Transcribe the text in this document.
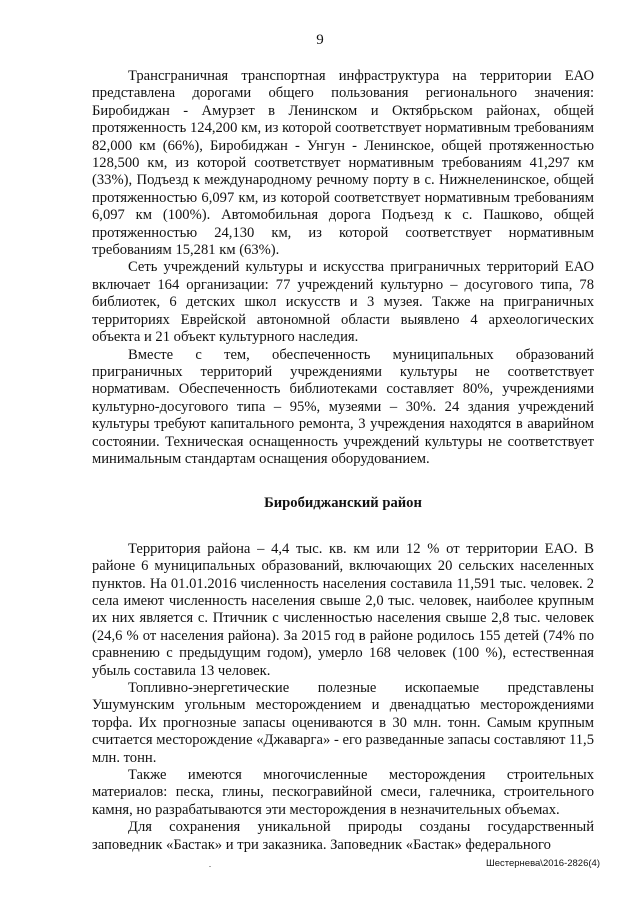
9

Трансграничная транспортная инфраструктура на территории ЕАО представлена дорогами общего пользования регионального значения: Биробиджан - Амурзет в Ленинском и Октябрьском районах, общей протяженность 124,200 км, из которой соответствует нормативным требованиям 82,000 км (66%), Биробиджан - Унгун - Ленинское, общей протяженностью 128,500 км, из которой соответствует нормативным требованиям 41,297 км (33%), Подъезд к международному речному порту в с. Нижнеленинское, общей протяженностью 6,097 км, из которой соответствует нормативным требованиям 6,097 км (100%). Автомобильная дорога Подъезд к с. Пашково, общей протяженностью 24,130 км, из которой соответствует нормативным требованиям 15,281 км (63%).

Сеть учреждений культуры и искусства приграничных территорий ЕАО включает 164 организации: 77 учреждений культурно – досугового типа, 78 библиотек, 6 детских школ искусств и 3 музея. Также на приграничных территориях Еврейской автономной области выявлено 4 археологических объекта и 21 объект культурного наследия.

Вместе с тем, обеспеченность муниципальных образований приграничных территорий учреждениями культуры не соответствует нормативам. Обеспеченность библиотеками составляет 80%, учреждениями культурно-досугового типа – 95%, музеями – 30%. 24 здания учреждений культуры требуют капитального ремонта, 3 учреждения находятся в аварийном состоянии. Техническая оснащенность учреждений культуры не соответствует минимальным стандартам оснащения оборудованием.

Биробиджанский район

Территория района – 4,4 тыс. кв. км или 12 % от территории ЕАО. В районе 6 муниципальных образований, включающих 20 сельских населенных пунктов. На 01.01.2016 численность населения составила 11,591 тыс. человек. 2 села имеют численность населения свыше 2,0 тыс. человек, наиболее крупным их них является с. Птичник с численностью населения свыше 2,8 тыс. человек (24,6 % от населения района). За 2015 год в районе родилось 155 детей (74% по сравнению с предыдущим годом), умерло 168 человек (100 %), естественная убыль составила 13 человек.

Топливно-энергетические полезные ископаемые представлены Ушумунским угольным месторождением и двенадцатью месторождениями торфа. Их прогнозные запасы оцениваются в 30 млн. тонн. Самым крупным считается месторождение «Джаварга» - его разведанные запасы составляют 11,5 млн. тонн.

Также имеются многочисленные месторождения строительных материалов: песка, глины, пескогравийной смеси, галечника, строительного камня, но разрабатываются эти месторождения в незначительных объемах.

Для сохранения уникальной природы созданы государственный заповедник «Бастак» и три заказника. Заповедник «Бастак» федерального

.	Шестернева\2016-2826(4)
